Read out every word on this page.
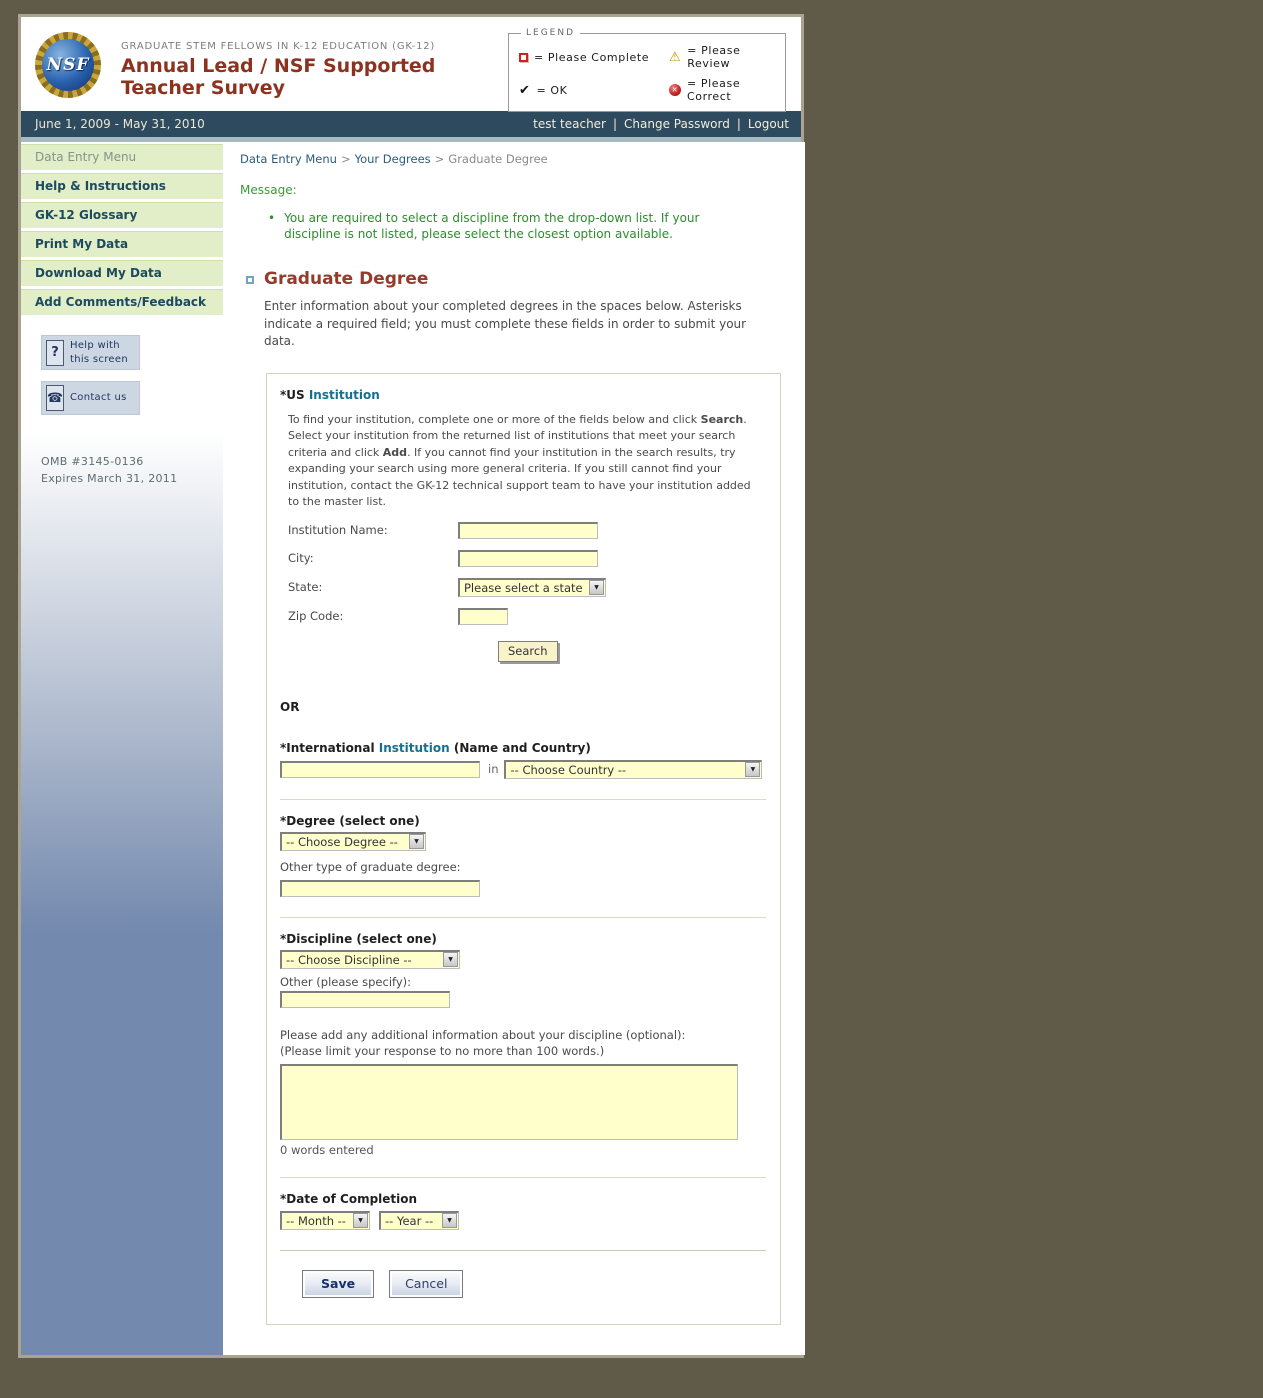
NSF
GRADUATE STEM FELLOWS IN K-12 EDUCATION (GK-12)
Annual Lead / NSF Supported Teacher Survey
LEGEND
= Please Complete ⚠ = Please Review
✔ = OK	✕ = Please Correct
June 1, 2009 - May 31, 2010	test teacher | Change Password | Logout
Data Entry Menu
Help & Instructions
GK-12 Glossary
Print My Data
Download My Data
Add Comments/Feedback
?	Help with this screen
☎ Contact us
OMB #3145-0136
Expires March 31, 2011
Data Entry Menu > Your Degrees > Graduate Degree
Message:
• You are required to select a discipline from the drop-down list. If your discipline is not listed, please select the closest option available.
Graduate Degree
Enter information about your completed degrees in the spaces below. Asterisks indicate a required field; you must complete these fields in order to submit your data.
*US Institution
To find your institution, complete one or more of the fields below and click Search. Select your institution from the returned list of institutions that meet your search criteria and click Add. If you cannot find your institution in the search results, try expanding your search using more general criteria. If you still cannot find your institution, contact the GK-12 technical support team to have your institution added to the master list.
Institution Name:
City:
State:	Please select a state	▼
Zip Code:
Search
OR
*International Institution (Name and Country)
in -- Choose Country --	▼
*Degree (select one)
-- Choose Degree --	▼
Other type of graduate degree:
*Discipline (select one)
-- Choose Discipline --	▼
Other (please specify):
Please add any additional information about your discipline (optional):
(Please limit your response to no more than 100 words.)
0 words entered
*Date of Completion
-- Month --	▼	-- Year --	▼
Save	Cancel
